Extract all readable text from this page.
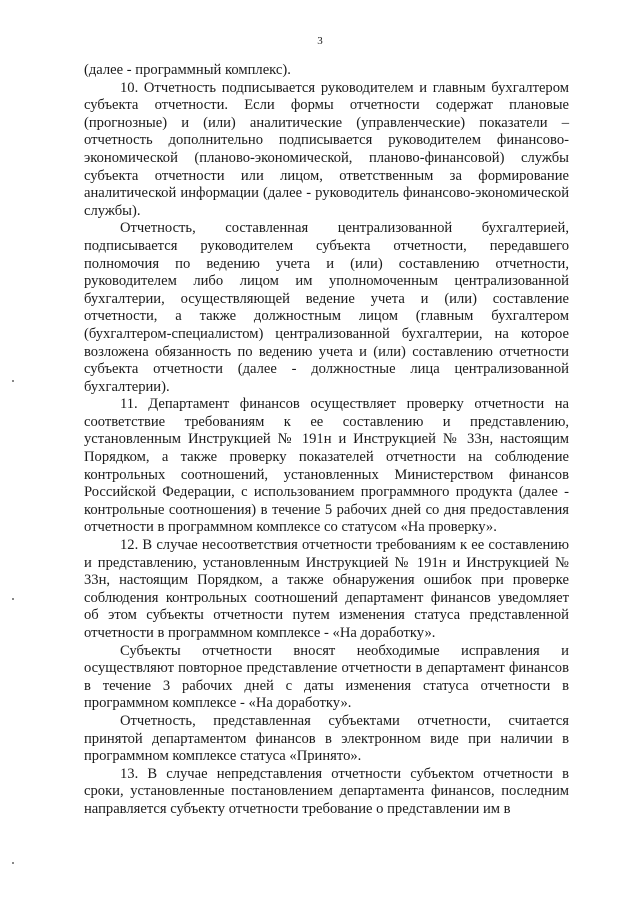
3

(далее - программный комплекс).

10. Отчетность подписывается руководителем и главным бухгалтером субъекта отчетности. Если формы отчетности содержат плановые (прогнозные) и (или) аналитические (управленческие) показатели – отчетность дополнительно подписывается руководителем финансово-экономической (планово-экономической, планово-финансовой) службы субъекта отчетности или лицом, ответственным за формирование аналитической информации (далее - руководитель финансово-экономической службы).

Отчетность, составленная централизованной бухгалтерией, подписывается руководителем субъекта отчетности, передавшего полномочия по ведению учета и (или) составлению отчетности, руководителем либо лицом им уполномоченным централизованной бухгалтерии, осуществляющей ведение учета и (или) составление отчетности, а также должностным лицом (главным бухгалтером (бухгалтером-специалистом) централизованной бухгалтерии, на которое возложена обязанность по ведению учета и (или) составлению отчетности субъекта отчетности (далее - должностные лица централизованной бухгалтерии).

11. Департамент финансов осуществляет проверку отчетности на соответствие требованиям к ее составлению и представлению, установленным Инструкцией № 191н и Инструкцией № 33н, настоящим Порядком, а также проверку показателей отчетности на соблюдение контрольных соотношений, установленных Министерством финансов Российской Федерации, с использованием программного продукта (далее - контрольные соотношения) в течение 5 рабочих дней со дня предоставления отчетности в программном комплексе со статусом «На проверку».

12. В случае несоответствия отчетности требованиям к ее составлению и представлению, установленным Инструкцией № 191н и Инструкцией № 33н, настоящим Порядком, а также обнаружения ошибок при проверке соблюдения контрольных соотношений департамент финансов уведомляет об этом субъекты отчетности путем изменения статуса представленной отчетности в программном комплексе - «На доработку».

Субъекты отчетности вносят необходимые исправления и осуществляют повторное представление отчетности в департамент финансов в течение 3 рабочих дней с даты изменения статуса отчетности в программном комплексе - «На доработку».

Отчетность, представленная субъектами отчетности, считается принятой департаментом финансов в электронном виде при наличии в программном комплексе статуса «Принято».

13. В случае непредставления отчетности субъектом отчетности в сроки, установленные постановлением департамента финансов, последним направляется субъекту отчетности требование о представлении им в
